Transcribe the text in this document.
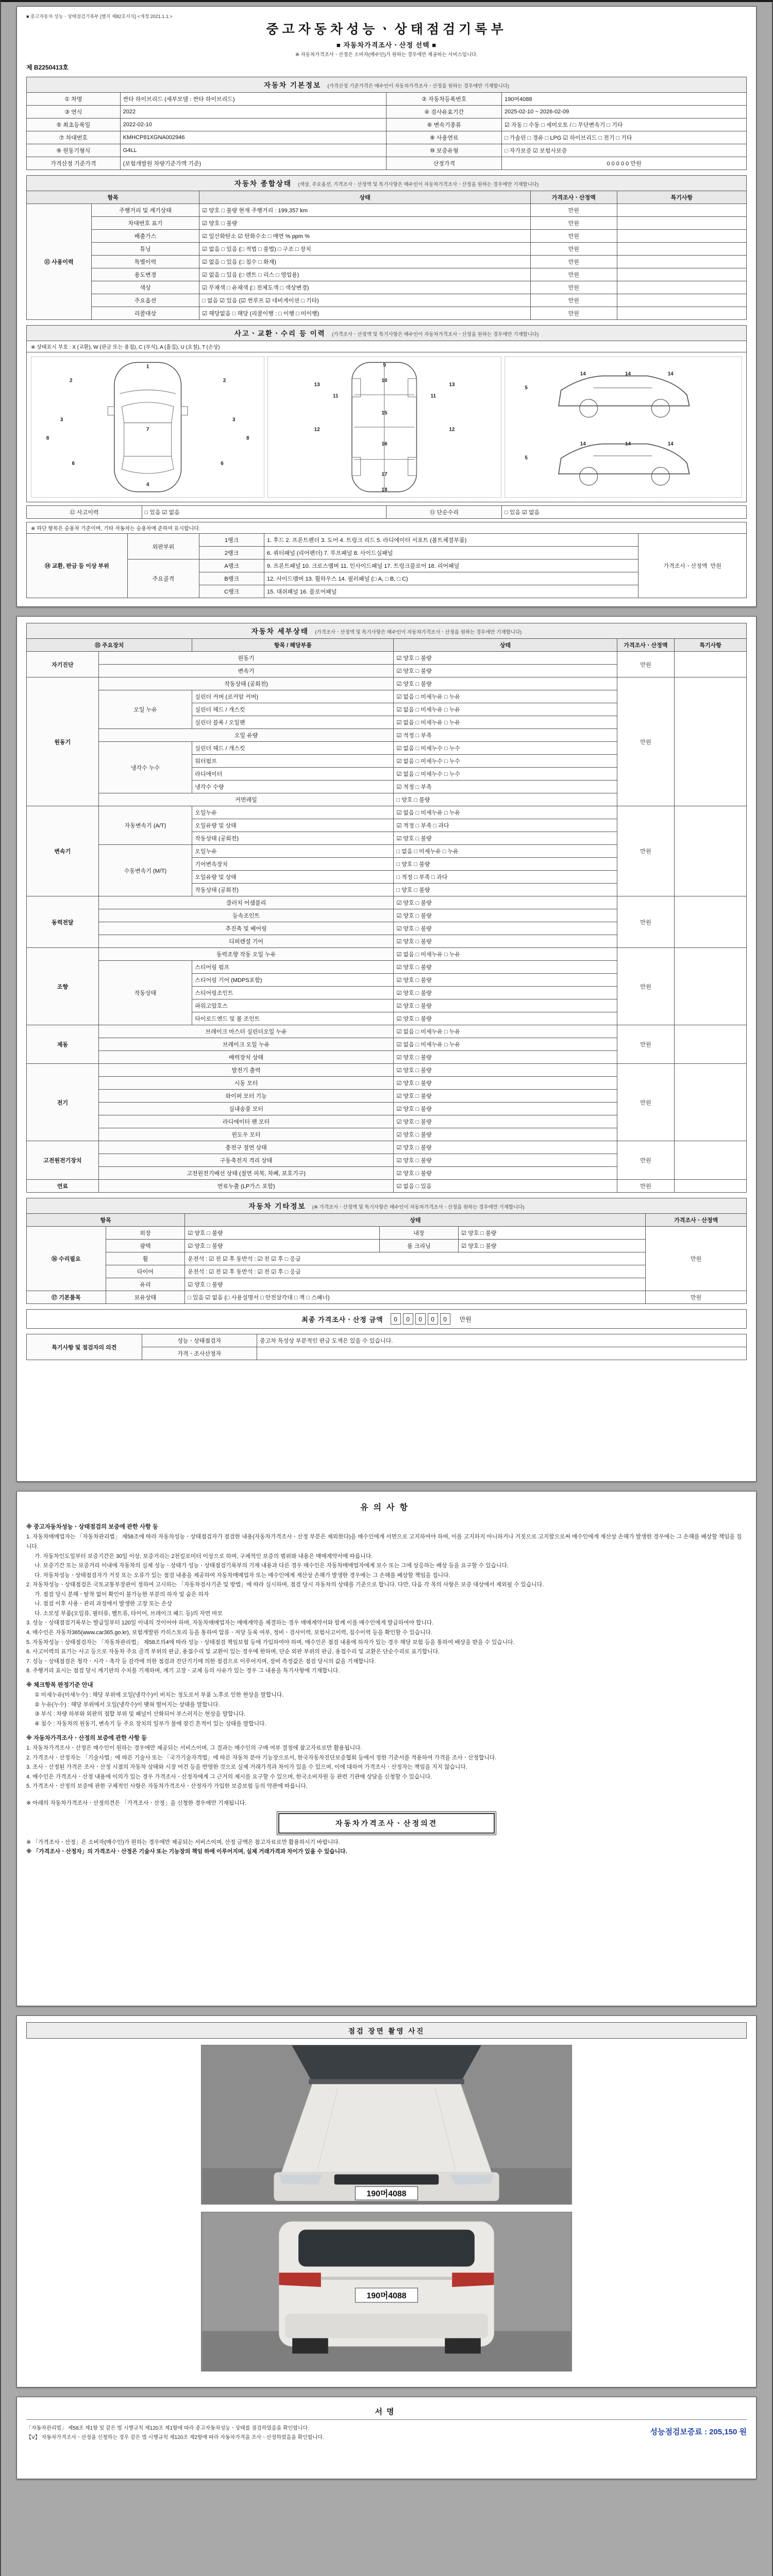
■ 중고자동차 성능ㆍ상태점검기록부 [별지 제82호서식] <개정 2021.1.1.>
중고자동차성능ㆍ상태점검기록부
■ 자동차가격조사ㆍ산정 선택 ■
※ 자동차가격조사ㆍ산정은 소비자(매수인)가 원하는 경우에만 제공하는 서비스입니다.
제 B2250413호
자동차 기본정보 (가격산정 기준가격은 매수인이 자동차가격조사ㆍ산정을 원하는 경우에만 기재합니다)
① 차명	싼타 하이브리드 (세부모델 : 싼타 하이브리드)	② 자동차등록번호	190머4088
③ 연식	2022	④ 검사유효기간	2025-02-10 ~ 2026-02-09
⑤ 최초등록일	2022-02-10	⑥ 변속기종류	☑ 자동 □ 수동 □ 세미오토 / □ 무단변속기 □ 기타
⑦ 차대번호	KMHCP81XGNA002946	⑧ 사용연료	□ 가솔린 □ 경유 □ LPG ☑ 하이브리드 □ 전기 □ 기타
⑨ 원동기형식	G4LL	⑩ 보증유형	□ 자가보증 ☑ 보험사보증
가격산정 기준가격	(보험개발원 차량기준가액 기준)	산정가격	0 0 0 0 0 만원
자동차 종합상태 (색상, 주요옵션, 가격조사ㆍ산정액 및 특기사항은 매수인이 자동차가격조사ㆍ산정을 원하는 경우에만 기재합니다)
항목		상태	가격조사ㆍ산정액	특기사항
⑪ 사용이력	주행거리 및 계기상태	☑ 양호 □ 불량 현재 주행거리 : 199,357 km	만원	
	차대번호 표기	☑ 양호 □ 불량	만원	
	배출가스	☑ 일산화탄소 ☑ 탄화수소 □ 매연 % ppm %	만원	
	튜닝	☑ 없음 □ 있음 (□ 적법 □ 불법) □ 구조 □ 장치	만원	
	특별이력	☑ 없음 □ 있음 (□ 침수 □ 화재)	만원	
	용도변경	☑ 없음 □ 있음 (□ 렌트 □ 리스 □ 영업용)	만원	
	색상	☑ 무채색 □ 유채색 (□ 전체도색 □ 색상변경)	만원	
	주요옵션	□ 없음 ☑ 있음 (☑ 썬루프 ☑ 네비게이션 □ 기타)	만원	
	리콜대상	☑ 해당없음 □ 해당 (리콜이행 : □ 이행 □ 미이행)	만원	
사고ㆍ교환ㆍ수리 등 이력 (가격조사ㆍ산정액 및 특기사항은 매수인이 자동차가격조사ㆍ산정을 원하는 경우에만 기재합니다)
※ 상태표시 부호 : X (교환), W (판금 또는 용접), C (부식), A (흠집), U (요철), T (손상)
1
2	2
3	3
4
6	6
7
8	8
9
10
11	11
12	12
13	13
15
16
17
18
5
14	14	14
5
14	14	14
⑫ 사고이력	□ 있음 ☑ 없음	⑬ 단순수리	□ 있음 ☑ 없음
※ 하단 항목은 승용차 기준이며, 기타 자동차는 승용차에 준하여 표시합니다.
⑭ 교환, 판금 등 이상 부위	외판부위	1랭크	1. 후드 2. 프론트펜더 3. 도어 4. 트렁크 리드 5. 라디에이터 서포트 (볼트체결부품)	가격조사ㆍ산정액  만원
		2랭크	6. 쿼터패널 (리어펜더) 7. 루프패널 8. 사이드실패널	
	주요골격	A랭크	9. 프론트패널 10. 크로스멤버 11. 인사이드패널 17. 트렁크플로어 18. 리어패널	
		B랭크	12. 사이드멤버 13. 휠하우스 14. 필러패널 (□ A, □ B, □ C)	
		C랭크	15. 대쉬패널 16. 플로어패널	
자동차 세부상태 (가격조사ㆍ산정액 및 특기사항은 매수인이 자동차가격조사ㆍ산정을 원하는 경우에만 기재합니다)
⑮ 주요장치		항목 / 해당부품	상태	가격조사ㆍ산정액	특기사항
자기진단	원동기		☑ 양호 □ 불량	만원	
	변속기		☑ 양호 □ 불량		
원동기	작동상태 (공회전)		☑ 양호 □ 불량	만원	
	오일 누유	실린더 커버 (로커암 커버)	☑ 없음 □ 미세누유 □ 누유		
		실린더 헤드 / 개스킷	☑ 없음 □ 미세누유 □ 누유		
		실린더 블록 / 오일팬	☑ 없음 □ 미세누유 □ 누유		
	오일 유량		☑ 적정 □ 부족		
	냉각수 누수	실린더 헤드 / 개스킷	☑ 없음 □ 미세누수 □ 누수		
		워터펌프	☑ 없음 □ 미세누수 □ 누수		
		라디에이터	☑ 없음 □ 미세누수 □ 누수		
		냉각수 수량	☑ 적정 □ 부족		
	커먼레일		□ 양호 □ 불량		
변속기	자동변속기 (A/T)	오일누유	☑ 없음 □ 미세누유 □ 누유	만원	
		오일유량 및 상태	☑ 적정 □ 부족 □ 과다		
		작동상태 (공회전)	☑ 양호 □ 불량		
	수동변속기 (M/T)	오일누유	□ 없음 □ 미세누유 □ 누유		
		기어변속장치	□ 양호 □ 불량		
		오일유량 및 상태	□ 적정 □ 부족 □ 과다		
		작동상태 (공회전)	□ 양호 □ 불량		
동력전달	클러치 어셈블리		☑ 양호 □ 불량	만원	
	등속조인트		☑ 양호 □ 불량		
	추진축 및 베어링		☑ 양호 □ 불량		
	디퍼렌셜 기어		☑ 양호 □ 불량		
조향	동력조향 작동 오일 누유		☑ 없음 □ 미세누유 □ 누유	만원	
	작동상태	스티어링 펌프	☑ 양호 □ 불량		
		스티어링 기어 (MDPS포함)	☑ 양호 □ 불량		
		스티어링조인트	☑ 양호 □ 불량		
		파워고압호스	☑ 양호 □ 불량		
		타이로드엔드 및 볼 조인트	☑ 양호 □ 불량		
제동	브레이크 마스터 실린더오일 누유		☑ 없음 □ 미세누유 □ 누유	만원	
	브레이크 오일 누유		☑ 없음 □ 미세누유 □ 누유		
	배력장치 상태		☑ 양호 □ 불량		
전기	발전기 출력		☑ 양호 □ 불량	만원	
	시동 모터		☑ 양호 □ 불량		
	와이퍼 모터 기능		☑ 양호 □ 불량		
	실내송풍 모터		☑ 양호 □ 불량		
	라디에이터 팬 모터		☑ 양호 □ 불량		
	윈도우 모터		☑ 양호 □ 불량		
고전원전기장치	충전구 절연 상태		☑ 양호 □ 불량	만원	
	구동축전지 격리 상태		☑ 양호 □ 불량		
	고전원전기배선 상태 (절연 피복, 차폐, 보호기구)		☑ 양호 □ 불량		
연료	연료누출 (LP가스 포함)		☑ 없음 □ 있음	만원	
자동차 기타정보 (※ 가격조사ㆍ산정액 및 특기사항은 매수인이 자동차가격조사ㆍ산정을 원하는 경우에만 기재합니다)
항목		상태			가격조사ㆍ산정액
⑯ 수리필요	외장	☑ 양호 □ 불량	내장	☑ 양호 □ 불량	만원
	광택	☑ 양호 □ 불량	룸 크리닝	☑ 양호 □ 불량	
	휠	운전석 : ☑ 전 ☑ 후 동반석 : ☑ 전 ☑ 후 □ 응급			
	타이어	운전석 : ☑ 전 ☑ 후 동반석 : ☑ 전 ☑ 후 □ 응급			
	유리	☑ 양호 □ 불량			
⑰ 기본품목	보유상태	□ 있음 ☑ 없음 (□ 사용설명서 □ 안전삼각대 □ 잭 □ 스패너)			만원
최종 가격조사ㆍ산정 금액	0 0 0 0 0	만원
특기사항 및 점검자의 의견	성능ㆍ상태점검자	중고차 특성상 부분적인 판금 도색은 있을 수 있습니다.
	가격ㆍ조사산정자	
유의사항
※ 중고자동차성능ㆍ상태점검의 보증에 관한 사항 등
1. 자동차매매업자는 「자동차관리법」 제58조에 따라 자동차성능ㆍ상태점검자가 점검한 내용(자동차가격조사ㆍ산정 부분은 제외한다)을 매수인에게 서면으로 고지하여야 하며, 이를 고지하지 아니하거나 거짓으로 고지함으로써 매수인에게 재산상 손해가 발생한 경우에는 그 손해를 배상할 책임을 집니다.
가. 자동차인도일부터 보증기간은 30일 이상, 보증거리는 2천킬로미터 이상으로 하며, 구체적인 보증의 범위와 내용은 매매계약서에 따릅니다.
나. 보증기간 또는 보증거리 이내에 자동차의 실제 성능ㆍ상태가 성능ㆍ상태점검기록부의 기재 내용과 다른 경우 매수인은 자동차매매업자에게 보수 또는 그에 상응하는 배상 등을 요구할 수 있습니다.
다. 자동차성능ㆍ상태점검자가 거짓 또는 오류가 있는 점검 내용을 제공하여 자동차매매업자 또는 매수인에게 재산상 손해가 발생한 경우에는 그 손해를 배상할 책임을 집니다.
2. 자동차성능ㆍ상태점검은 국토교통부장관이 정하여 고시하는 「자동차검사기준 및 방법」에 따라 실시하며, 점검 당시 자동차의 상태를 기준으로 합니다. 다만, 다음 각 목의 사항은 보증 대상에서 제외될 수 있습니다.
가. 점검 당시 분해ㆍ탈착 없이 확인이 불가능한 부분의 하자 및 숨은 하자
나. 점검 이후 사용ㆍ관리 과정에서 발생한 고장 또는 손상
다. 소모성 부품(오일류, 필터류, 벨트류, 타이어, 브레이크 패드 등)의 자연 마모
3. 성능ㆍ상태점검기록부는 발급일부터 120일 이내의 것이어야 하며, 자동차매매업자는 매매계약을 체결하는 경우 매매계약서와 함께 이를 매수인에게 발급하여야 합니다.
4. 매수인은 자동차365(www.car365.go.kr), 보험개발원 카히스토리 등을 통하여 압류ㆍ저당 등록 여부, 정비ㆍ검사이력, 보험사고이력, 침수이력 등을 확인할 수 있습니다.
5. 자동차성능ㆍ상태점검자는 「자동차관리법」 제58조의4에 따라 성능ㆍ상태점검 책임보험 등에 가입하여야 하며, 매수인은 점검 내용에 하자가 있는 경우 해당 보험 등을 통하여 배상을 받을 수 있습니다.
6. 사고이력의 표기는 사고 등으로 자동차 주요 골격 부위의 판금, 용접수리 및 교환이 있는 경우에 한하며, 단순 외판 부위의 판금, 용접수리 및 교환은 단순수리로 표기합니다.
7. 성능ㆍ상태점검은 청각ㆍ시각ㆍ촉각 등 감각에 의한 점검과 진단기기에 의한 점검으로 이루어지며, 장비 측정값은 점검 당시의 값을 기재합니다.
8. 주행거리 표시는 점검 당시 계기판의 수치를 기재하며, 계기 고장ㆍ교체 등의 사유가 있는 경우 그 내용을 특기사항에 기재합니다.
※ 체크항목 판정기준 안내
① 미세누유(미세누수) : 해당 부위에 오일(냉각수)이 비치는 정도로서 부품 노후로 인한 현상을 말합니다.
② 누유(누수) : 해당 부위에서 오일(냉각수)이 맺혀 떨어지는 상태를 말합니다.
③ 부식 : 차량 하부와 외판의 접합 부위 및 패널이 산화되어 부스러지는 현상을 말합니다.
④ 침수 : 자동차의 원동기, 변속기 등 주요 장치의 일부가 물에 잠긴 흔적이 있는 상태를 말합니다.
※ 자동차가격조사ㆍ산정의 보증에 관한 사항 등
1. 자동차가격조사ㆍ산정은 매수인이 원하는 경우에만 제공되는 서비스이며, 그 결과는 매수인의 구매 여부 결정에 참고자료로만 활용됩니다.
2. 가격조사ㆍ산정자는 「기술사법」에 따른 기술사 또는 「국가기술자격법」에 따른 자동차 분야 기능장으로서, 한국자동차진단보증협회 등에서 정한 기준서를 적용하여 가격을 조사ㆍ산정합니다.
3. 조사ㆍ산정된 가격은 조사ㆍ산정 시점의 자동차 상태와 시장 여건 등을 반영한 것으로 실제 거래가격과 차이가 있을 수 있으며, 이에 대하여 가격조사ㆍ산정자는 책임을 지지 않습니다.
4. 매수인은 가격조사ㆍ산정 내용에 이의가 있는 경우 가격조사ㆍ산정자에게 그 근거의 제시를 요구할 수 있으며, 한국소비자원 등 관련 기관에 상담을 신청할 수 있습니다.
5. 가격조사ㆍ산정의 보증에 관한 구체적인 사항은 자동차가격조사ㆍ산정자가 가입한 보증보험 등의 약관에 따릅니다.
※ 아래의 자동차가격조사ㆍ산정의견은 「가격조사ㆍ산정」을 신청한 경우에만 기재됩니다.
자동차가격조사ㆍ산정의견
※ 「가격조사ㆍ산정」은 소비자(매수인)가 원하는 경우에만 제공되는 서비스이며, 산정 금액은 참고자료로만 활용하시기 바랍니다.
※ 「가격조사ㆍ산정자」의 가격조사ㆍ산정은 기술사 또는 기능장의 책임 하에 이루어지며, 실제 거래가격과 차이가 있을 수 있습니다.
점검 장면 촬영 사진
190머4088
190머4088
서명
「자동차관리법」 제58조 제1항 및 같은 법 시행규칙 제120조 제1항에 따라 중고자동차성능ㆍ상태를 점검하였음을 확인합니다.
【V】 자동차가격조사ㆍ산정을 신청하는 경우 같은 법 시행규칙 제120조 제2항에 따라 자동차가격을 조사ㆍ산정하였음을 확인합니다.
성능점검보증료 : 205,150 원
